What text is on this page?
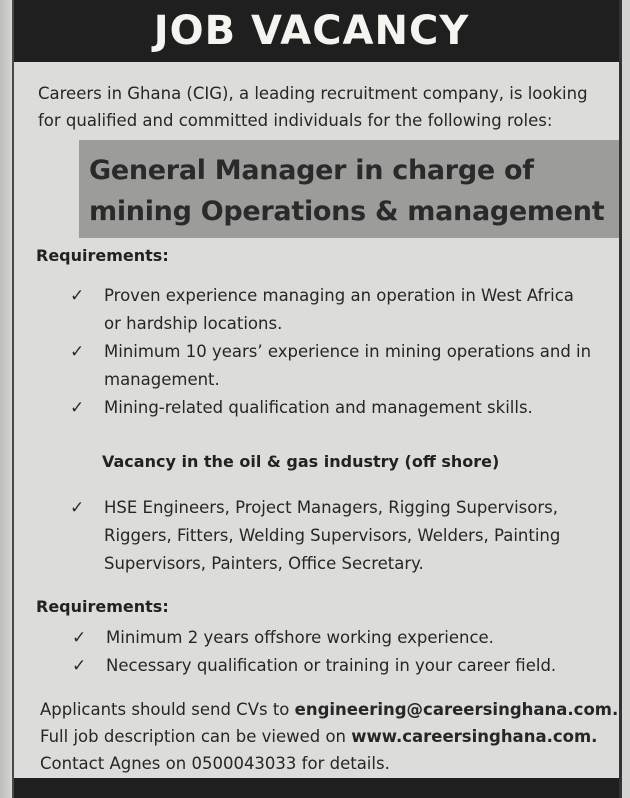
JOB VACANCY
Careers in Ghana (CIG), a leading recruitment company, is looking
for qualified and committed individuals for the following roles:
General Manager in charge of
mining Operations & management
Requirements:
✓ Proven experience managing an operation in West Africa
or hardship locations.
✓ Minimum 10 years’ experience in mining operations and in
management.
✓ Mining-related qualification and management skills.
Vacancy in the oil & gas industry (off shore)
✓ HSE Engineers, Project Managers, Rigging Supervisors,
Riggers, Fitters, Welding Supervisors, Welders, Painting
Supervisors, Painters, Office Secretary.
Requirements:
✓ Minimum 2 years offshore working experience.
✓ Necessary qualification or training in your career field.
Applicants should send CVs to engineering@careersinghana.com.
Full job description can be viewed on www.careersinghana.com.
Contact Agnes on 0500043033 for details.
